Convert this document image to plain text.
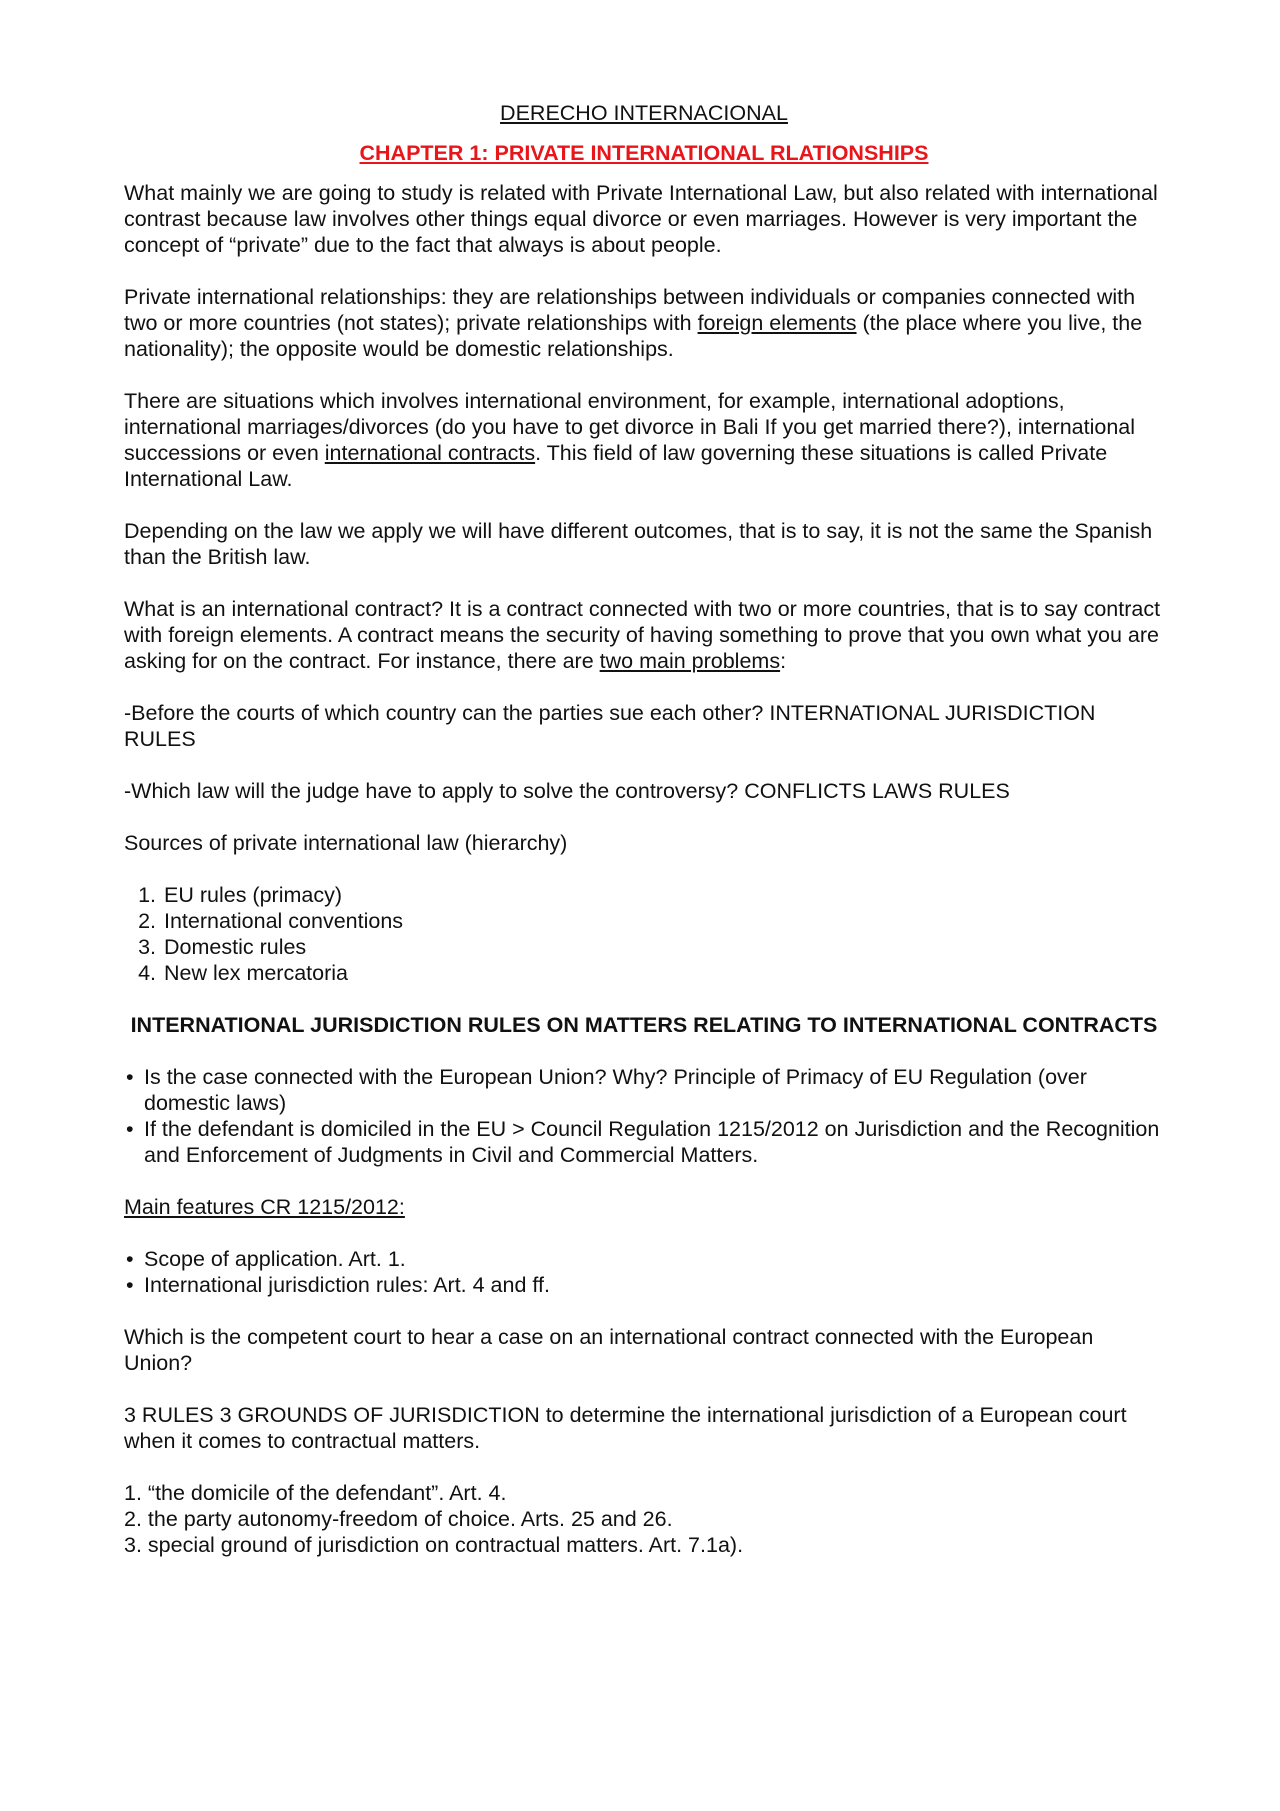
DERECHO INTERNACIONAL
CHAPTER 1: PRIVATE INTERNATIONAL RLATIONSHIPS

What mainly we are going to study is related with Private International Law, but also related with international contrast because law involves other things equal divorce or even marriages. However is very important the concept of “private” due to the fact that always is about people.

Private international relationships: they are relationships between individuals or companies connected with two or more countries (not states); private relationships with foreign elements (the place where you live, the nationality); the opposite would be domestic relationships.

There are situations which involves international environment, for example, international adoptions, international marriages/divorces (do you have to get divorce in Bali If you get married there?), international successions or even international contracts. This field of law governing these situations is called Private International Law.

Depending on the law we apply we will have different outcomes, that is to say, it is not the same the Spanish than the British law.

What is an international contract? It is a contract connected with two or more countries, that is to say contract with foreign elements. A contract means the security of having something to prove that you own what you are asking for on the contract. For instance, there are two main problems:

-Before the courts of which country can the parties sue each other? INTERNATIONAL JURISDICTION RULES

-Which law will the judge have to apply to solve the controversy? CONFLICTS LAWS RULES

Sources of private international law (hierarchy)

1. EU rules (primacy)
2. International conventions
3. Domestic rules
4. New lex mercatoria
INTERNATIONAL JURISDICTION RULES ON MATTERS RELATING TO INTERNATIONAL CONTRACTS
• Is the case connected with the European Union? Why? Principle of Primacy of EU Regulation (over domestic laws)
• If the defendant is domiciled in the EU > Council Regulation 1215/2012 on Jurisdiction and the Recognition and Enforcement of Judgments in Civil and Commercial Matters.

Main features CR 1215/2012:

• Scope of application. Art. 1.
• International jurisdiction rules: Art. 4 and ff.

Which is the competent court to hear a case on an international contract connected with the European Union?

3 RULES 3 GROUNDS OF JURISDICTION to determine the international jurisdiction of a European court when it comes to contractual matters.

1. “the domicile of the defendant”. Art. 4.
2. the party autonomy-freedom of choice. Arts. 25 and 26.
3. special ground of jurisdiction on contractual matters. Art. 7.1a).
